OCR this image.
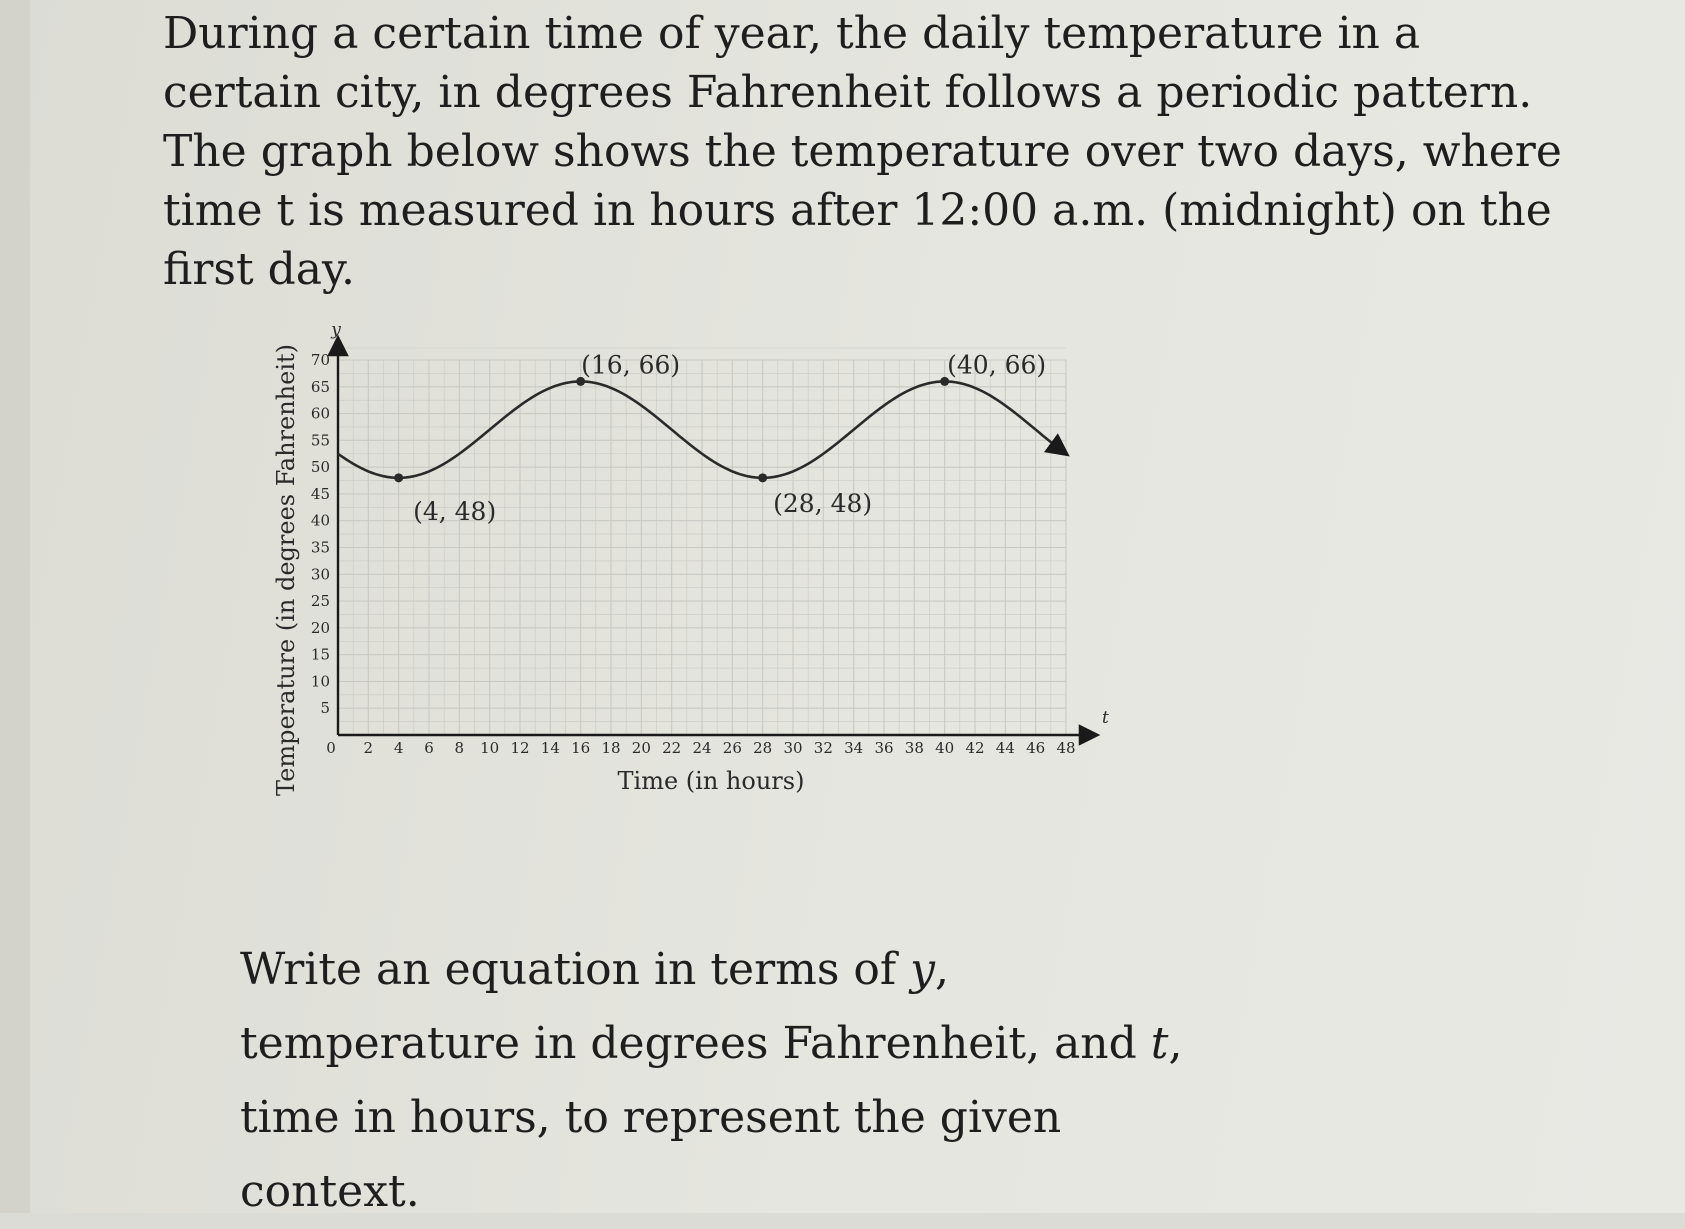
During a certain time of year, the daily temperature in a certain city, in degrees Fahrenheit follows a periodic pattern. The graph below shows the temperature over two days, where time t is measured in hours after 12:00 a.m. (midnight) on the first day.

2 4 6 8 10 12 14 16 18 20 22 24 26 28 30 32 34 36 38 40 42 44 46 48
5
10
15
20
25
30
35
40
45
50
55
60
65
70
(4, 48)
(16, 66)
(28, 48)
(40, 66)
Time (in hours)
Temperature (in degrees Fahrenheit)
y
t
0

Write an equation in terms of y, temperature in degrees Fahrenheit, and t, time in hours, to represent the given context.
